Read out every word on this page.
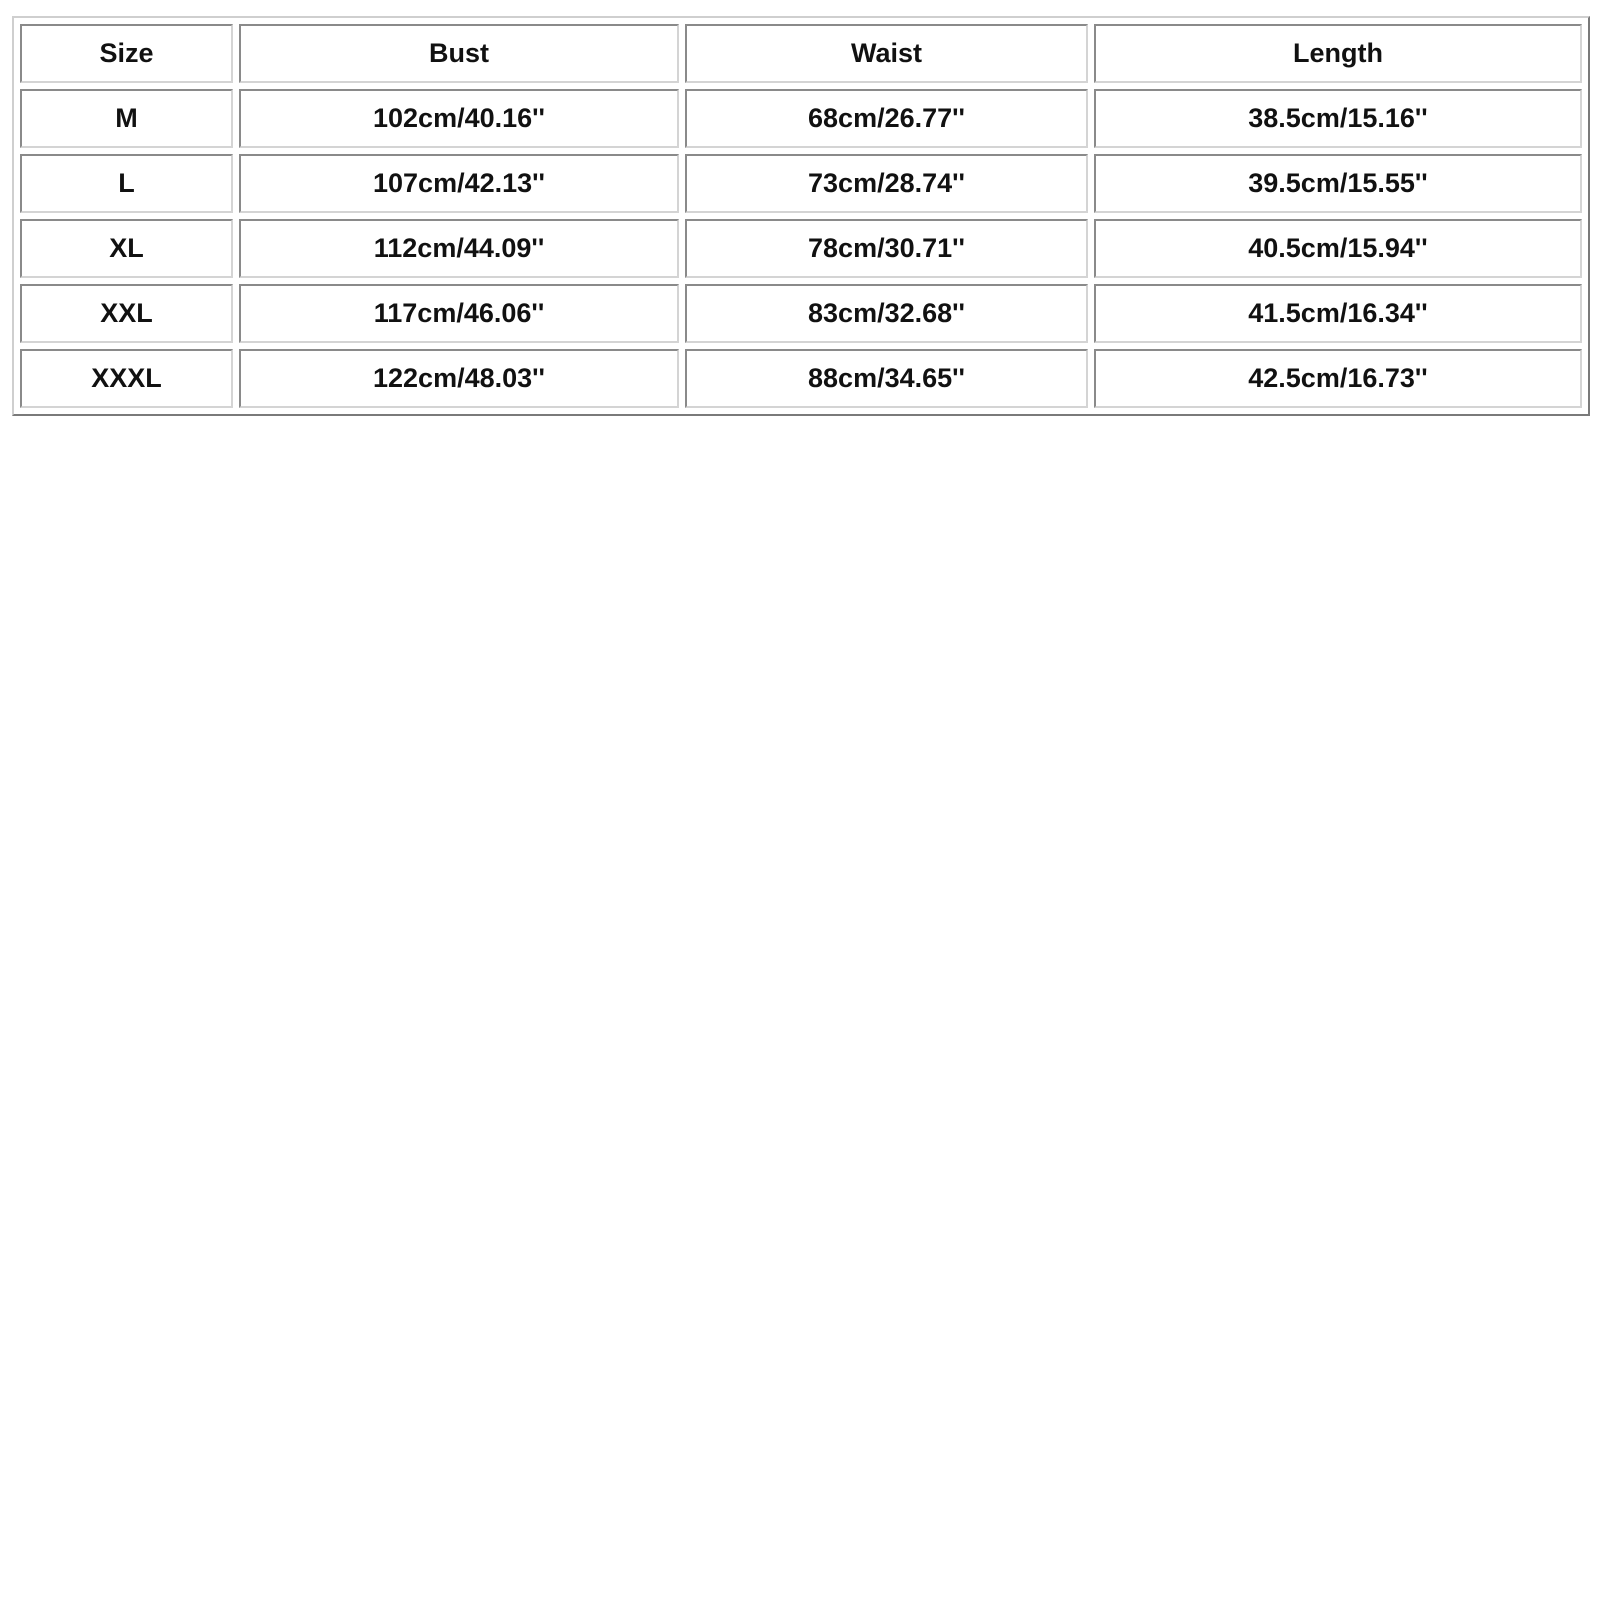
Size	Bust	Waist	Length
M	102cm/40.16''	68cm/26.77''	38.5cm/15.16''
L	107cm/42.13''	73cm/28.74''	39.5cm/15.55''
XL	112cm/44.09''	78cm/30.71''	40.5cm/15.94''
XXL	117cm/46.06''	83cm/32.68''	41.5cm/16.34''
XXXL	122cm/48.03''	88cm/34.65''	42.5cm/16.73''
